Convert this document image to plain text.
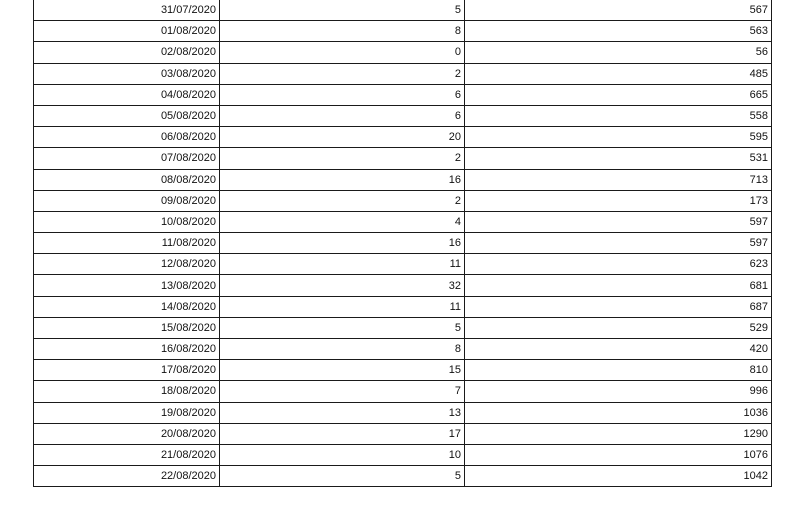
31/07/2020	5	567
01/08/2020	8	563
02/08/2020	0	56
03/08/2020	2	485
04/08/2020	6	665
05/08/2020	6	558
06/08/2020	20	595
07/08/2020	2	531
08/08/2020	16	713
09/08/2020	2	173
10/08/2020	4	597
11/08/2020	16	597
12/08/2020	11	623
13/08/2020	32	681
14/08/2020	11	687
15/08/2020	5	529
16/08/2020	8	420
17/08/2020	15	810
18/08/2020	7	996
19/08/2020	13	1036
20/08/2020	17	1290
21/08/2020	10	1076
22/08/2020	5	1042
